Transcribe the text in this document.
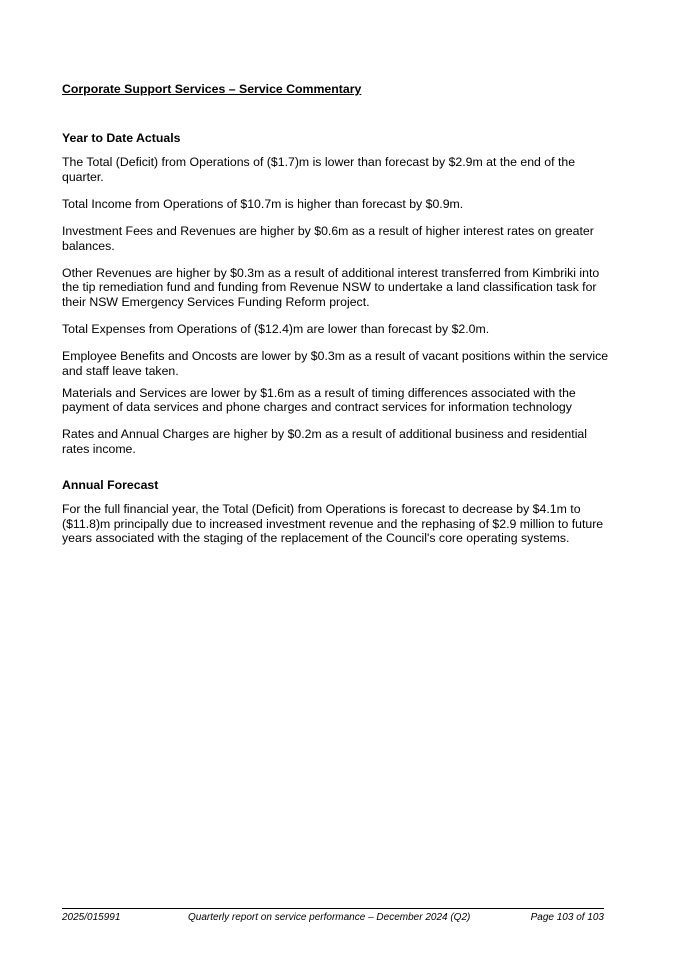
Corporate Support Services – Service Commentary
Year to Date Actuals

The Total (Deficit) from Operations of ($1.7)m is lower than forecast by $2.9m at the end of the quarter.

Total Income from Operations of $10.7m is higher than forecast by $0.9m.

Investment Fees and Revenues are higher by $0.6m as a result of higher interest rates on greater balances.

Other Revenues are higher by $0.3m as a result of additional interest transferred from Kimbriki into the tip remediation fund and funding from Revenue NSW to undertake a land classification task for their NSW Emergency Services Funding Reform project.

Total Expenses from Operations of ($12.4)m are lower than forecast by $2.0m.

Employee Benefits and Oncosts are lower by $0.3m as a result of vacant positions within the service and staff leave taken.

Materials and Services are lower by $1.6m as a result of timing differences associated with the payment of data services and phone charges and contract services for information technology

Rates and Annual Charges are higher by $0.2m as a result of additional business and residential rates income.

Annual Forecast

For the full financial year, the Total (Deficit) from Operations is forecast to decrease by $4.1m to ($11.8)m principally due to increased investment revenue and the rephasing of $2.9 million to future years associated with the staging of the replacement of the Council's core operating systems.

2025/015991	Quarterly report on service performance – December 2024 (Q2)	Page 103 of 103
